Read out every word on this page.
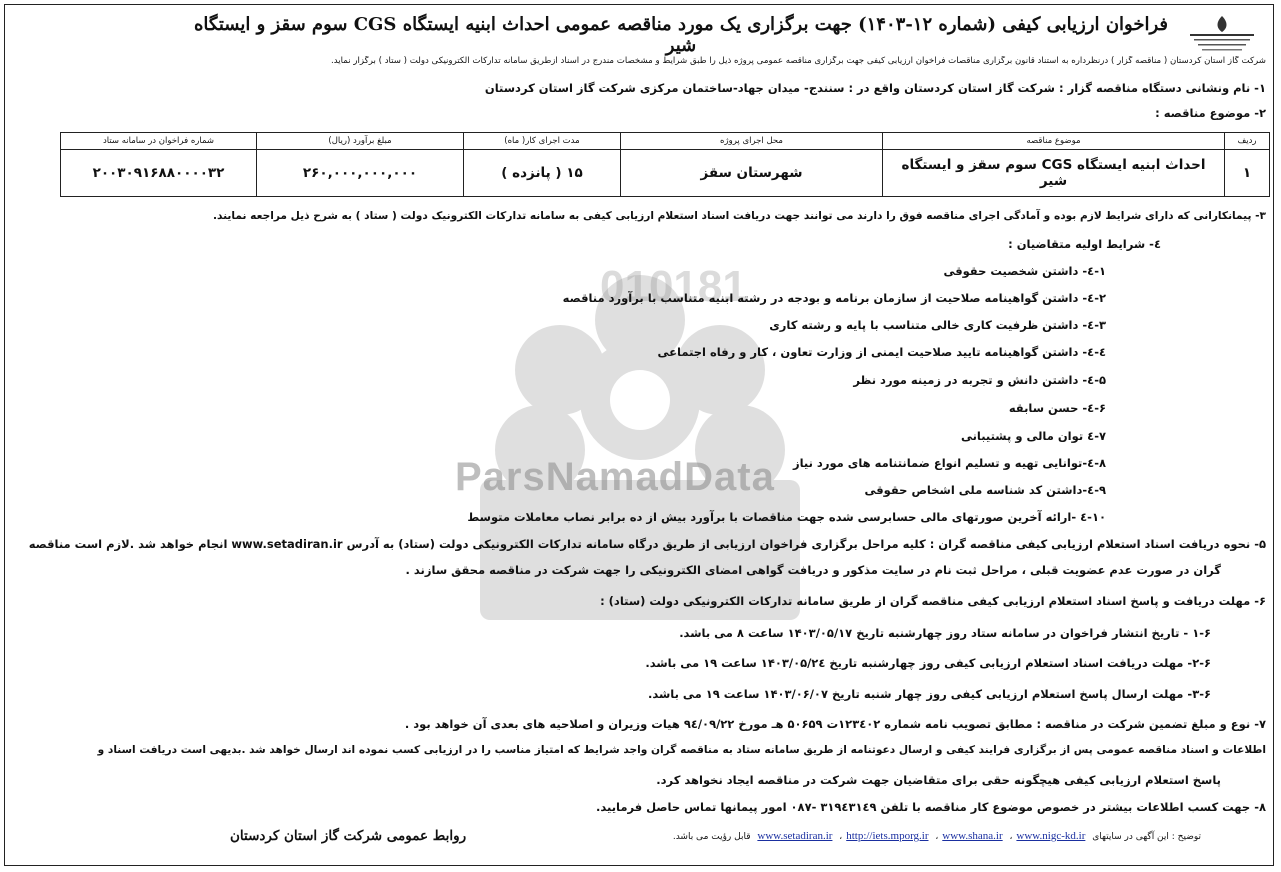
010181
ParsNamadData
فراخوان ارزیابی کیفی (شماره ۱۲-۱۴۰۳) جهت برگزاری یک مورد مناقصه عمومی احداث ابنیه ایستگاه CGS سوم سقز و ایستگاه شیر
شرکت گاز استان کردستان ( مناقصه گزار ) درنظرداره به استناد قانون برگزاری مناقصات فراخوان ارزیابی کیفی جهت برگزاری مناقصه عمومی پروژه ذیل را طبق شرایط و مشخصات مندرج در اسناد ازطریق سامانه تدارکات الکترونیکی دولت ( ستاد ) برگزار نماید.
۱- نام ونشانی دستگاه مناقصه گزار : شرکت گاز استان کردستان واقع در : سنندج- میدان جهاد-ساختمان مرکزی شرکت گاز استان کردستان
۲- موضوع مناقصه :
ردیف	موضوع مناقصه	محل اجرای پروژه	مدت اجرای کار( ماه)	مبلغ برآورد (ریال)	شماره فراخوان در سامانه ستاد
۱	احداث ابنیه ایستگاه CGS سوم سقز و ایستگاه شیر	شهرستان سقز	۱۵ ( پانزده )	۲۶۰,۰۰۰,۰۰۰,۰۰۰	۲۰۰۳۰۹۱۶۸۸۰۰۰۰۳۲
۳- پیمانکارانی که دارای شرایط لازم بوده و آمادگی اجرای مناقصه فوق را دارند می توانند جهت دریافت اسناد استعلام ارزیابی کیفی به سامانه تدارکات الکترونیک دولت ( ستاد ) به شرح ذیل مراجعه نمایند.
٤- شرایط اولیه متقاضیان :
۱-٤- داشتن شخصیت حقوقی
۲-٤- داشتن گواهینامه صلاحیت از سازمان برنامه و بودجه در رشته ابنیه متناسب با برآورد مناقصه
۳-٤- داشتن ظرفیت کاری خالی متناسب با پایه و رشته کاری
٤-٤- داشتن گواهینامه تایید صلاحیت ایمنی از وزارت تعاون ، کار و رفاه اجتماعی
۵-٤- داشتن دانش و تجربه در زمینه مورد نظر
۶-٤- حسن سابقه
۷-٤ توان مالی و پشتیبانی
۸-٤-توانایی تهیه و تسلیم انواع ضمانتنامه های مورد نیاز
۹-٤-داشتن کد شناسه ملی اشخاص حقوقی
۱۰-٤ -ارائه آخرین صورتهای مالی حسابرسی شده جهت مناقصات با برآورد بیش از ده برابر نصاب معاملات متوسط
۵- نحوه دریافت اسناد استعلام ارزیابی کیفی مناقصه گران : کلیه مراحل برگزاری فراخوان ارزیابی از طریق درگاه سامانه تدارکات الکترونیکی دولت (ستاد) به آدرس www.setadiran.ir انجام خواهد شد .لازم است مناقصه
گران در صورت عدم عضویت قبلی ، مراحل ثبت نام در سایت مذکور و دریافت گواهی امضای الکترونیکی را جهت شرکت در مناقصه محقق سازند .
۶- مهلت دریافت و پاسخ اسناد استعلام ارزیابی کیفی مناقصه گران از طریق سامانه تدارکات الکترونیکی دولت (ستاد) :
۱-۶ - تاریخ انتشار فراخوان در سامانه ستاد روز چهارشنبه تاریخ ۱۴۰۳/۰۵/۱۷ ساعت ۸ می باشد.
۲-۶- مهلت دریافت اسناد استعلام ارزیابی کیفی روز چهارشنبه تاریخ ۱۴۰۳/۰۵/۲٤ ساعت ۱۹ می باشد.
۳-۶- مهلت ارسال پاسخ استعلام ارزیابی کیفی روز چهار شنبه تاریخ ۱۴۰۳/۰۶/۰۷ ساعت ۱۹ می باشد.
۷- نوع و مبلغ تضمین شرکت در مناقصه : مطابق تصویب نامه شماره ۱۲۳٤۰۲ت ۵۰۶۵۹ هـ مورخ ۹٤/۰۹/۲۲ هیات وزیران و اصلاحیه های بعدی آن خواهد بود .
اطلاعات و اسناد مناقصه عمومی پس از برگزاری فرایند کیفی و ارسال دعوتنامه از طریق سامانه ستاد به مناقصه گران واجد شرایط که امتیاز مناسب را در ارزیابی کسب نموده اند ارسال خواهد شد .بدیهی است دریافت اسناد و
پاسخ استعلام ارزیابی کیفی هیچگونه حقی برای متقاضیان جهت شرکت در مناقصه ایجاد نخواهد کرد.
۸- جهت کسب اطلاعات بیشتر در خصوص موضوع کار مناقصه با تلفن ۳۱۹٤۳۱٤۹ -۰۸۷ امور پیمانها تماس حاصل فرمایید.
توضیح : این آگهی در سایتهای www.nigc-kd.ir، www.shana.ir، http://iets.mporg.ir، www.setadiran.ir قابل رؤیت می باشد.
روابط عمومی شرکت گاز استان کردستان
